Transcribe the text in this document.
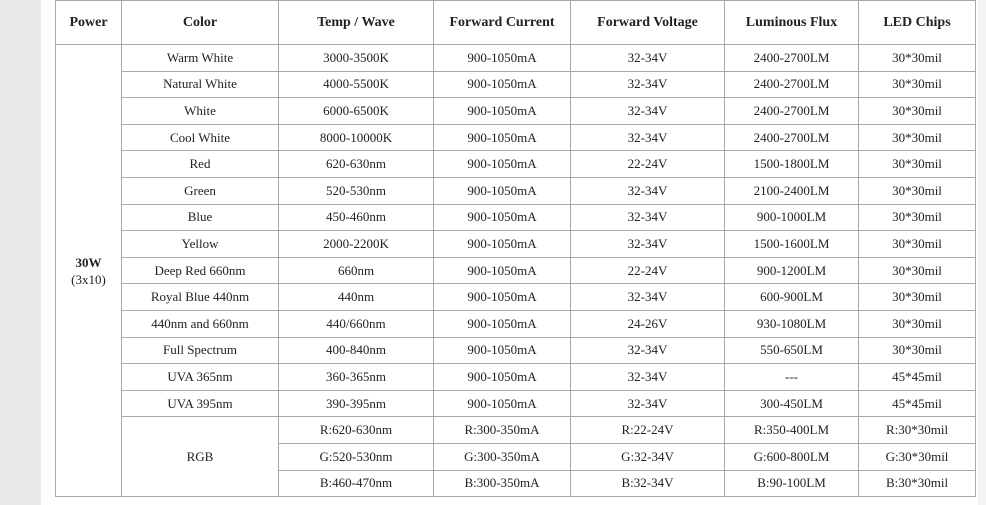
Power	Color	Temp / Wave	Forward Current	Forward Voltage	Luminous Flux	LED Chips

30W
(3x10)	Warm White	3000-3500K	900-1050mA	32-34V	2400-2700LM	30*30mil
	Natural White	4000-5500K	900-1050mA	32-34V	2400-2700LM	30*30mil
	White	6000-6500K	900-1050mA	32-34V	2400-2700LM	30*30mil
	Cool White	8000-10000K	900-1050mA	32-34V	2400-2700LM	30*30mil
	Red	620-630nm	900-1050mA	22-24V	1500-1800LM	30*30mil
	Green	520-530nm	900-1050mA	32-34V	2100-2400LM	30*30mil
	Blue	450-460nm	900-1050mA	32-34V	900-1000LM	30*30mil
	Yellow	2000-2200K	900-1050mA	32-34V	1500-1600LM	30*30mil
	Deep Red 660nm	660nm	900-1050mA	22-24V	900-1200LM	30*30mil
	Royal Blue 440nm	440nm	900-1050mA	32-34V	600-900LM	30*30mil
	440nm and 660nm	440/660nm	900-1050mA	24-26V	930-1080LM	30*30mil
	Full Spectrum	400-840nm	900-1050mA	32-34V	550-650LM	30*30mil
	UVA 365nm	360-365nm	900-1050mA	32-34V	---	45*45mil
	UVA 395nm	390-395nm	900-1050mA	32-34V	300-450LM	45*45mil
	RGB	R:620-630nm	R:300-350mA	R:22-24V	R:350-400LM	R:30*30mil
		G:520-530nm	G:300-350mA	G:32-34V	G:600-800LM	G:30*30mil
		B:460-470nm	B:300-350mA	B:32-34V	B:90-100LM	B:30*30mil
